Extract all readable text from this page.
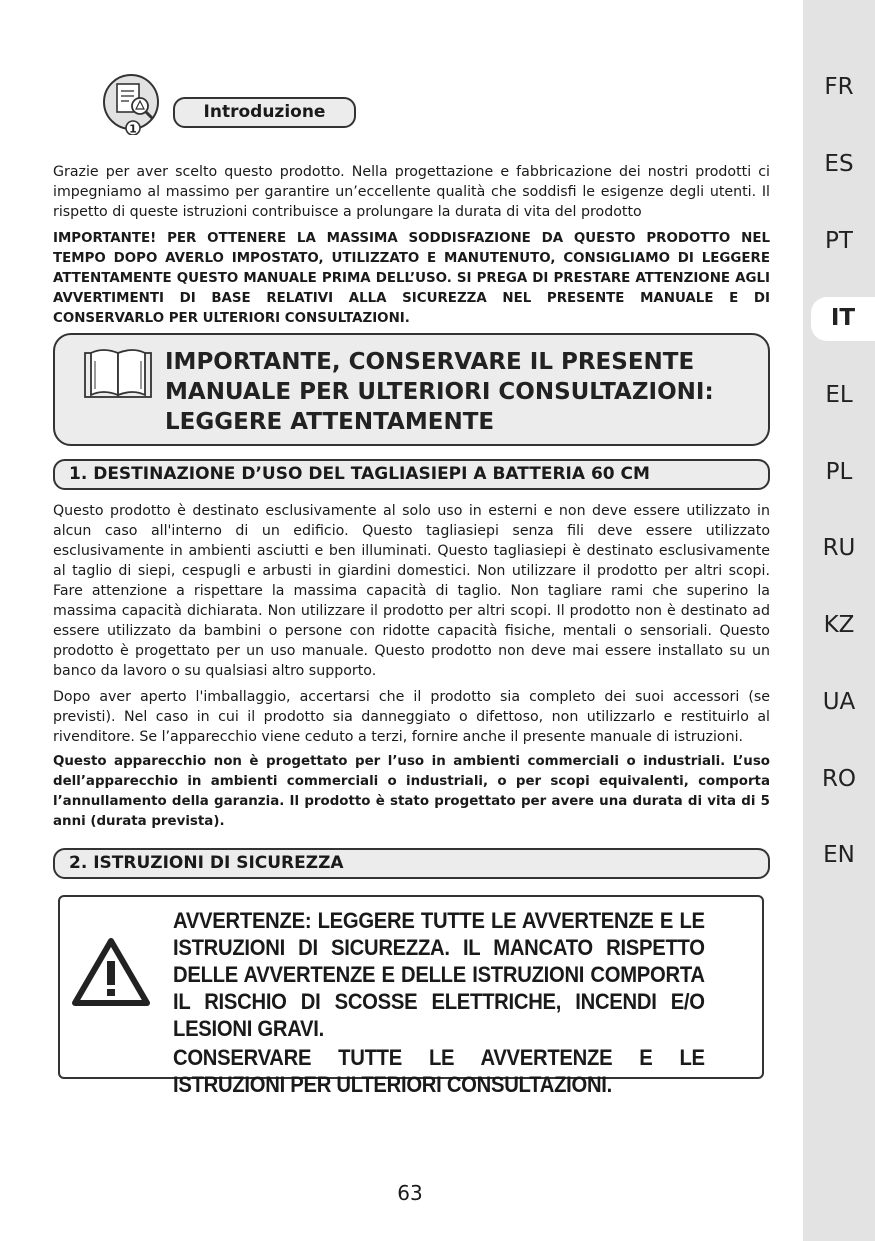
FR
ES
PT
IT
EL
PL
RU
KZ
UA
RO
EN
1
Introduzione

Grazie per aver scelto questo prodotto. Nella progettazione e fabbricazione dei nostri prodotti ci impegniamo al massimo per garantire un’eccellente qualità che soddisfi le esigenze degli utenti. Il rispetto di queste istruzioni contribuisce a prolungare la durata di vita del prodotto

IMPORTANTE! PER OTTENERE LA MASSIMA SODDISFAZIONE DA QUESTO PRODOTTO NEL TEMPO DOPO AVERLO IMPOSTATO, UTILIZZATO E MANUTENUTO, CONSIGLIAMO DI LEGGERE ATTENTAMENTE QUESTO MANUALE PRIMA DELL’USO. SI PREGA DI PRESTARE ATTENZIONE AGLI AVVERTIMENTI DI BASE RELATIVI ALLA SICUREZZA NEL PRESENTE MANUALE E DI CONSERVARLO PER ULTERIORI CONSULTAZIONI.

IMPORTANTE, CONSERVARE IL PRESENTE
MANUALE PER ULTERIORI CONSULTAZIONI:
LEGGERE ATTENTAMENTE
1. DESTINAZIONE D’USO DEL TAGLIASIEPI A BATTERIA 60 CM

Questo prodotto è destinato esclusivamente al solo uso in esterni e non deve essere utilizzato in alcun caso all'interno di un edificio. Questo tagliasiepi senza fili deve essere utilizzato esclusivamente in ambienti asciutti e ben illuminati. Questo tagliasiepi è destinato esclusivamente al taglio di siepi, cespugli e arbusti in giardini domestici. Non utilizzare il prodotto per altri scopi. Fare attenzione a rispettare la massima capacità di taglio. Non tagliare rami che superino la massima capacità dichiarata. Non utilizzare il prodotto per altri scopi. Il prodotto non è destinato ad essere utilizzato da bambini o persone con ridotte capacità fisiche, mentali o sensoriali. Questo prodotto è progettato per un uso manuale. Questo prodotto non deve mai essere installato su un banco da lavoro o su qualsiasi altro supporto.

Dopo aver aperto l'imballaggio, accertarsi che il prodotto sia completo dei suoi accessori (se previsti). Nel caso in cui il prodotto sia danneggiato o difettoso, non utilizzarlo e restituirlo al rivenditore. Se l’apparecchio viene ceduto a terzi, fornire anche il presente manuale di istruzioni.

Questo apparecchio non è progettato per l’uso in ambienti commerciali o industriali. L’uso dell’apparecchio in ambienti commerciali o industriali, o per scopi equivalenti, comporta l’annullamento della garanzia. Il prodotto è stato progettato per avere una durata di vita di 5 anni (durata prevista).

2. ISTRUZIONI DI SICUREZZA

AVVERTENZE: LEGGERE TUTTE LE AVVERTENZE E LE ISTRUZIONI DI SICUREZZA. IL MANCATO RISPETTO DELLE AVVERTENZE E DELLE ISTRUZIONI COMPORTA IL RISCHIO DI SCOSSE ELETTRICHE, INCENDI E/O LESIONI GRAVI.

CONSERVARE TUTTE LE AVVERTENZE E LE ISTRUZIONI PER ULTERIORI CONSULTAZIONI.

63
